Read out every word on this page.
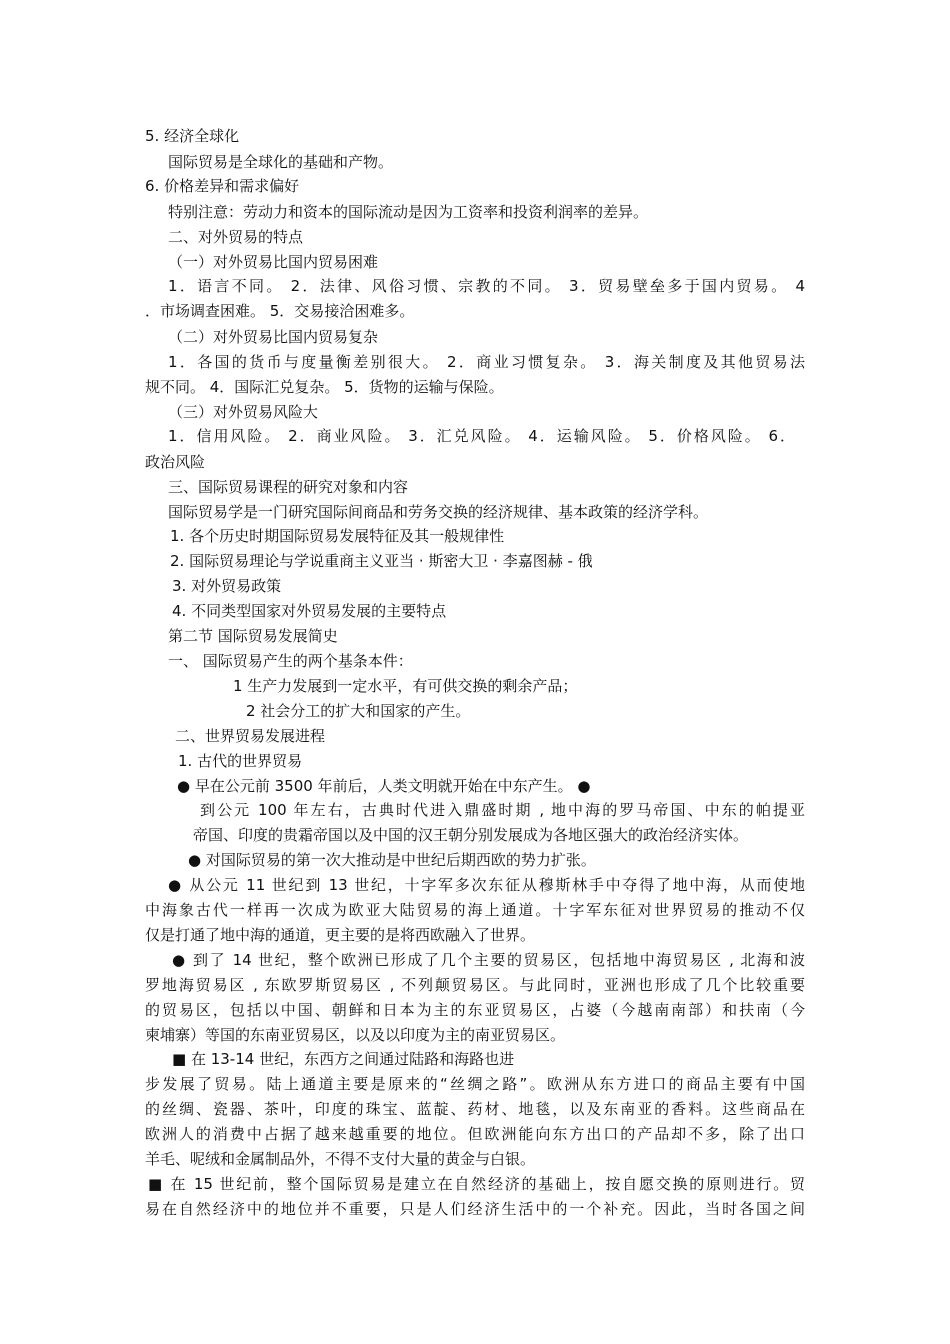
5. 经济全球化
国际贸易是全球化的基础和产物。
6. 价格差异和需求偏好
特别注意：劳动力和资本的国际流动是因为工资率和投资利润率的差异。
二、对外贸易的特点
（一）对外贸易比国内贸易困难
1．语言不同。 2．法律、风俗习惯、宗教的不同。 3．贸易壁垒多于国内贸易。 4
．市场调查困难。 5．交易接洽困难多。
（二）对外贸易比国内贸易复杂
1．各国的货币与度量衡差别很大。 2．商业习惯复杂。 3．海关制度及其他贸易法
规不同。 4．国际汇兑复杂。 5．货物的运输与保险。
（三）对外贸易风险大
1．信用风险。 2．商业风险。 3．汇兑风险。 4．运输风险。 5．价格风险。 6．
政治风险
三、国际贸易课程的研究对象和内容
国际贸易学是一门研究国际间商品和劳务交换的经济规律、基本政策的经济学科。
1. 各个历史时期国际贸易发展特征及其一般规律性
2. 国际贸易理论与学说重商主义亚当 · 斯密大卫 · 李嘉图赫 - 俄
3. 对外贸易政策
4. 不同类型国家对外贸易发展的主要特点
第二节 国际贸易发展简史
一、 国际贸易产生的两个基条本件：
1 生产力发展到一定水平，有可供交换的剩余产品；
2 社会分工的扩大和国家的产生。
二、世界贸易发展进程
1. 古代的世界贸易
● 早在公元前 3500 年前后，人类文明就开始在中东产生。 ●
到公元 100 年左右，古典时代进入鼎盛时期 , 地中海的罗马帝国、中东的帕提亚
帝国、印度的贵霜帝国以及中国的汉王朝分别发展成为各地区强大的政治经济实体。
● 对国际贸易的第一次大推动是中世纪后期西欧的势力扩张。
● 从公元 11 世纪到 13 世纪，十字军多次东征从穆斯林手中夺得了地中海，从而使地
中海象古代一样再一次成为欧亚大陆贸易的海上通道。十字军东征对世界贸易的推动不仅
仅是打通了地中海的通道，更主要的是将西欧融入了世界。
● 到了 14 世纪，整个欧洲已形成了几个主要的贸易区，包括地中海贸易区 , 北海和波
罗地海贸易区 , 东欧罗斯贸易区 , 不列颠贸易区。与此同时，亚洲也形成了几个比较重要
的贸易区，包括以中国、朝鲜和日本为主的东亚贸易区，占婆（今越南南部）和扶南（今
柬埔寨）等国的东南亚贸易区，以及以印度为主的南亚贸易区。
■ 在 13-14 世纪，东西方之间通过陆路和海路也进
步发展了贸易。陆上通道主要是原来的“丝绸之路”。欧洲从东方进口的商品主要有中国
的丝绸、瓷器、茶叶，印度的珠宝、蓝靛、药材、地毯，以及东南亚的香料。这些商品在
欧洲人的消费中占据了越来越重要的地位。但欧洲能向东方出口的产品却不多，除了出口
羊毛、呢绒和金属制品外，不得不支付大量的黄金与白银。
■ 在 15 世纪前，整个国际贸易是建立在自然经济的基础上，按自愿交换的原则进行。贸
易在自然经济中的地位并不重要，只是人们经济生活中的一个补充。因此，当时各国之间
